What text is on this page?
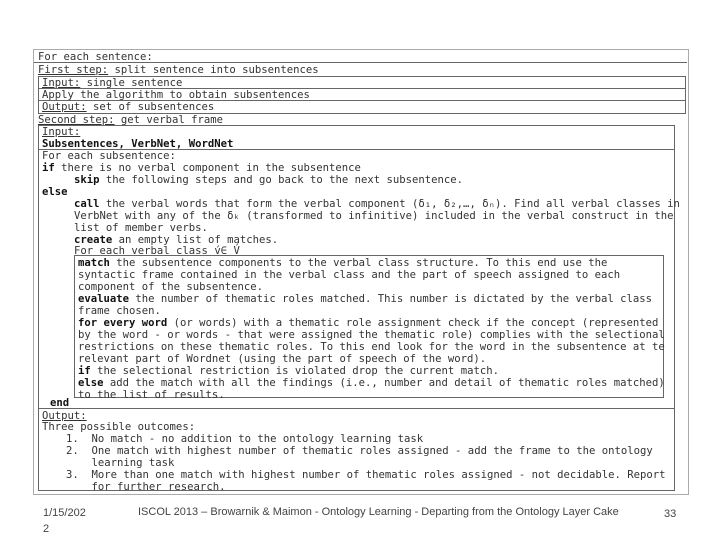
For each sentence:
First step: split sentence into subsentences
Input: single sentence
Apply the algorithm to obtain subsentences
Output: set of subsentences
Second step: get verbal frame
Input:
Subsentences, VerbNet, WordNet
For each subsentence:
if there is no verbal component in the subsentence
skip the following steps and go back to the next subsentence.
else
call the verbal words that form the verbal component (δ₁, δ₂,…, δₙ). Find all verbal classes in
VerbNet with any of the δₖ (transformed to infinitive) included in the verbal construct in the
list of member verbs.
create an empty list of matches.
For each verbal class v∈ V
match the subsentence components to the verbal class structure. To this end use the
syntactic frame contained in the verbal class and the part of speech assigned to each
component of the subsentence.
evaluate the number of thematic roles matched. This number is dictated by the verbal class
frame chosen.
for every word (or words) with a thematic role assignment check if the concept (represented
by the word - or words - that were assigned the thematic role) complies with the selectional
restrictions on these thematic roles. To this end look for the word in the subsentence at te
relevant part of Wordnet (using the part of speech of the word).
if the selectional restriction is violated drop the current match.
else add the match with all the findings (i.e., number and detail of thematic roles matched)
to the list of results.
end
Output:
Three possible outcomes:
1.  No match - no addition to the ontology learning task
2.  One match with highest number of thematic roles assigned - add the frame to the ontology
learning task
3.  More than one match with highest number of thematic roles assigned - not decidable. Report
for further research.
1/15/202
2
ISCOL 2013 – Browarnik & Maimon - Ontology Learning - Departing from the Ontology Layer Cake	33
